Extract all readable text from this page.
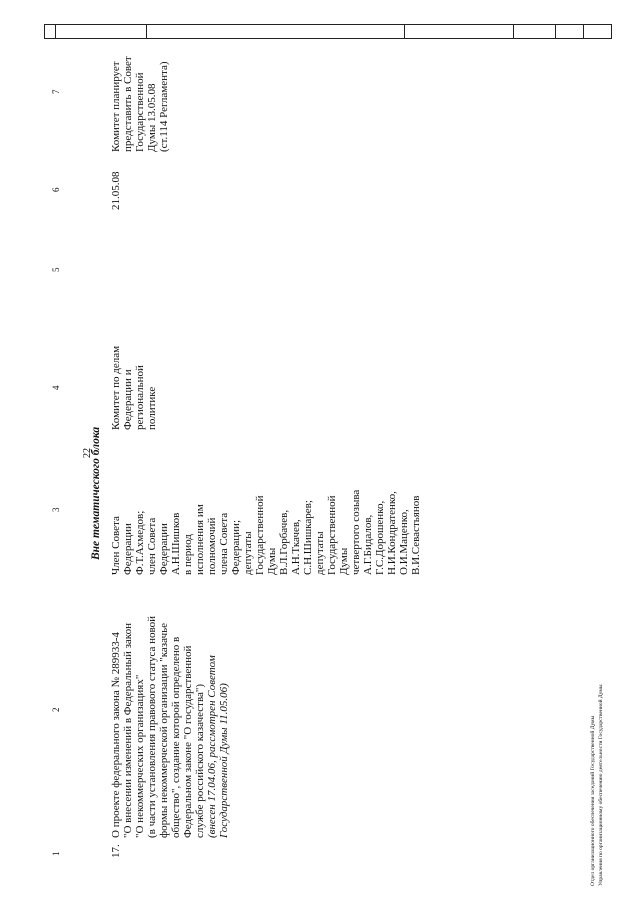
22
1
2
3
4
5
6
7
Вне тематического блока
17.
О проекте федерального закона № 289933-4 "О внесении изменений в Федеральный закон "О некоммерческих организациях" (в части установления правового статуса новой формы некоммерческой организации "казачье общество", создание которой определено в Федеральном законе "О государственной службе российского казачества") (внесен 17.04.06, рассмотрен Советом Государственной Думы 11.05.06)
Член Совета Федерации Ф.Т.Ахмедов; член Совета Федерации А.Н.Шишков в период исполнения им полномочий члена Совета Федерации; депутаты Государственной Думы В.Л.Горбачев, А.Н.Ткачев, С.Н.Шишкарев; депутаты Государственной Думы четвертого созыва А.Г.Бидалов, Г.С.Дорошенко, Н.И.Кондратенко, О.И.Маценко, В.И.Севастьянов
Комитет по делам Федерации и региональной политике
21.05.08
Комитет планирует представить в Совет Государственной Думы 13.05.08 (ст.114 Регламента)
Отдел организационного обеспечения заседаний Государственной Думы Управления по организационному обеспечению деятельности Государственной Думы
